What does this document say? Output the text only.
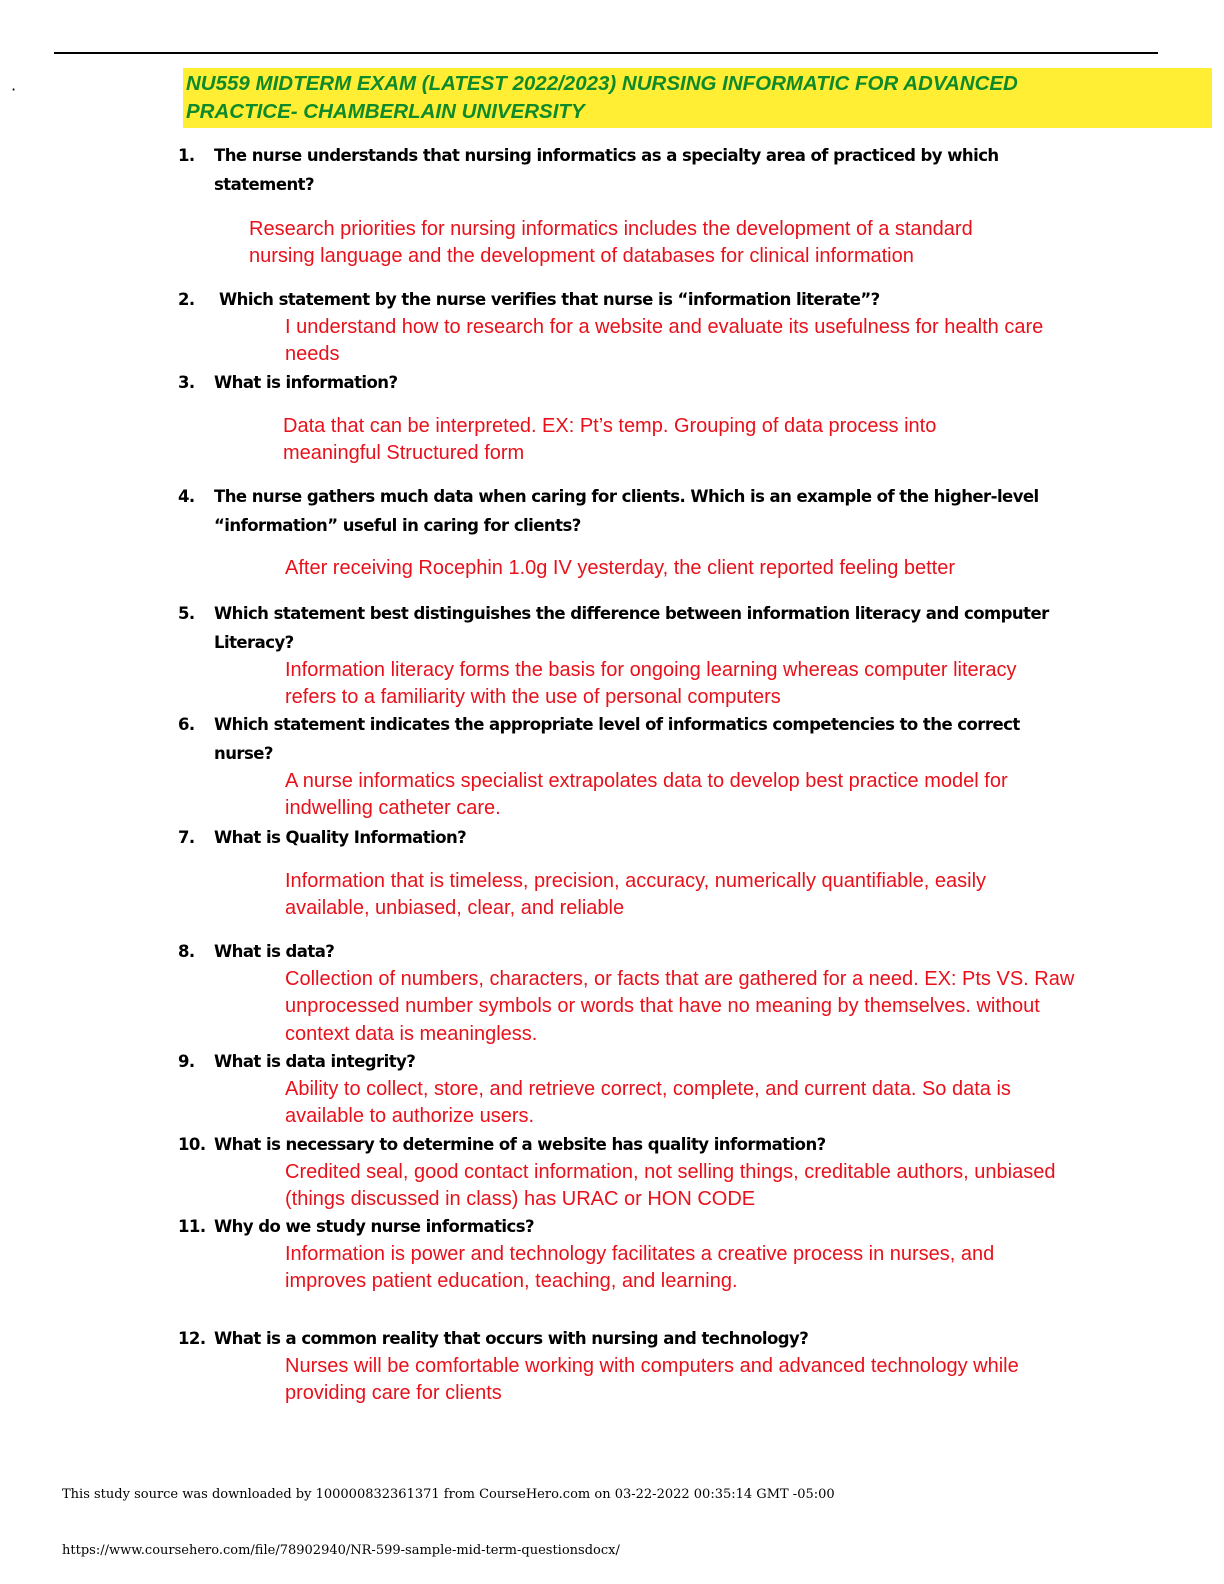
·	NU559 MIDTERM EXAM (LATEST 2022/2023) NURSING INFORMATIC FOR ADVANCED
PRACTICE- CHAMBERLAIN UNIVERSITY
1.	The nurse understands that nursing informatics as a specialty area of practiced by which statement?
Research priorities for nursing informatics includes the development of a standard nursing language and the development of databases for clinical information
2.	Which statement by the nurse verifies that nurse is “information literate”?
I understand how to research for a website and evaluate its usefulness for health care needs
3.	What is information?
Data that can be interpreted. EX: Pt’s temp. Grouping of data process into meaningful Structured form
4.	The nurse gathers much data when caring for clients. Which is an example of the higher-level “information” useful in caring for clients?
After receiving Rocephin 1.0g IV yesterday, the client reported feeling better
5.	Which statement best distinguishes the difference between information literacy and computer Literacy?
Information literacy forms the basis for ongoing learning whereas computer literacy refers to a familiarity with the use of personal computers
6.	Which statement indicates the appropriate level of informatics competencies to the correct nurse?
A nurse informatics specialist extrapolates data to develop best practice model for indwelling catheter care.
7.	What is Quality Information?
Information that is timeless, precision, accuracy, numerically quantifiable, easily available, unbiased, clear, and reliable
8.	What is data?
Collection of numbers, characters, or facts that are gathered for a need. EX: Pts VS. Raw unprocessed number symbols or words that have no meaning by themselves. without context data is meaningless.
9.	What is data integrity?
Ability to collect, store, and retrieve correct, complete, and current data. So data is available to authorize users.
10. What is necessary to determine of a website has quality information?
Credited seal, good contact information, not selling things, creditable authors, unbiased (things discussed in class) has URAC or HON CODE
11. Why do we study nurse informatics?
Information is power and technology facilitates a creative process in nurses, and improves patient education, teaching, and learning.
12. What is a common reality that occurs with nursing and technology?
Nurses will be comfortable working with computers and advanced technology while providing care for clients
This study source was downloaded by 100000832361371 from CourseHero.com on 03-22-2022 00:35:14 GMT -05:00
https://www.coursehero.com/file/78902940/NR-599-sample-mid-term-questionsdocx/
